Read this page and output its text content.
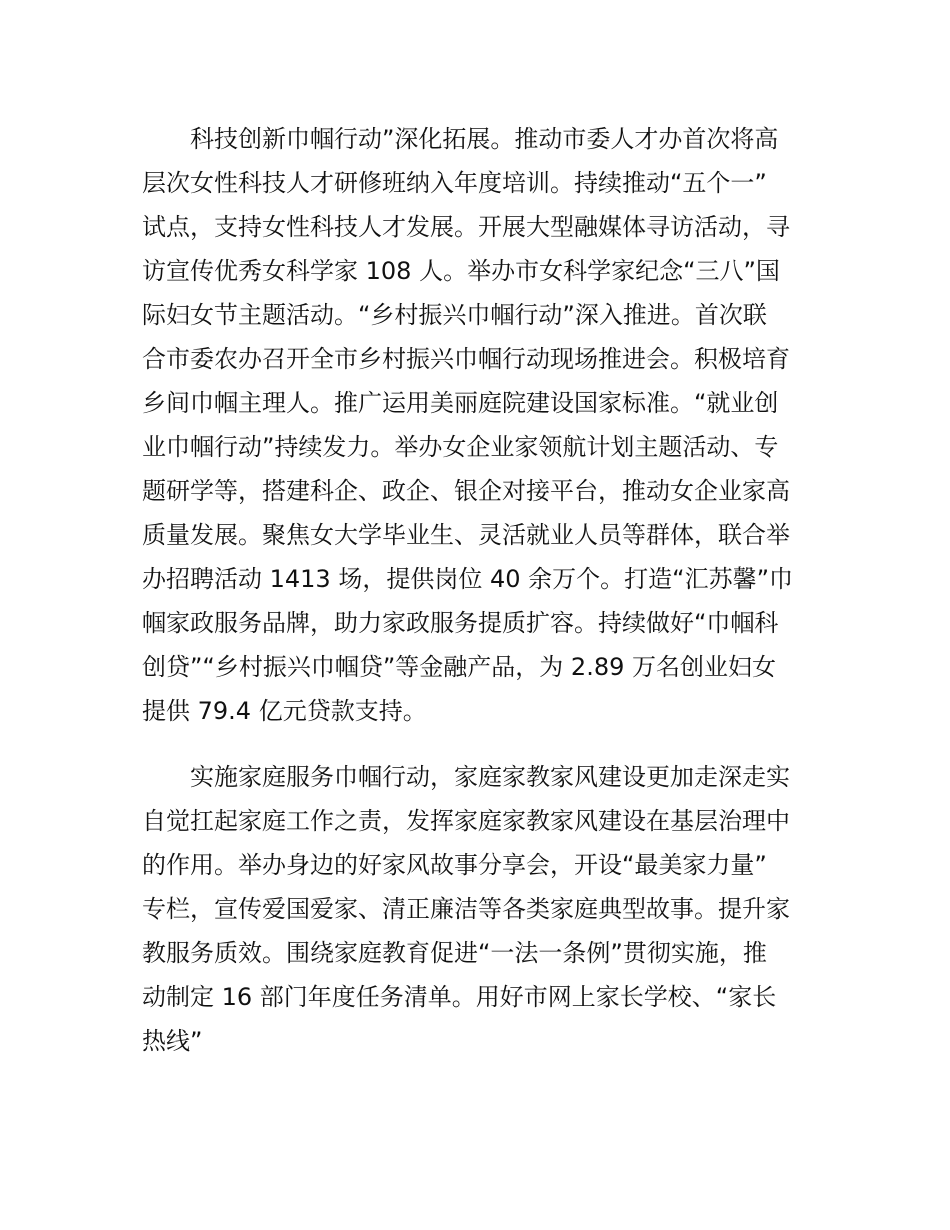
科技创新巾帼行动”深化拓展。推动市委人才办首次将高
层次女性科技人才研修班纳入年度培训。持续推动“五个一”
试点，支持女性科技人才发展。开展大型融媒体寻访活动，寻
访宣传优秀女科学家 108 人。举办市女科学家纪念“三八”国
际妇女节主题活动。“乡村振兴巾帼行动”深入推进。首次联
合市委农办召开全市乡村振兴巾帼行动现场推进会。积极培育
乡间巾帼主理人。推广运用美丽庭院建设国家标准。“就业创
业巾帼行动”持续发力。举办女企业家领航计划主题活动、专
题研学等，搭建科企、政企、银企对接平台，推动女企业家高
质量发展。聚焦女大学毕业生、灵活就业人员等群体，联合举
办招聘活动 1413 场，提供岗位 40 余万个。打造“汇苏馨”巾
帼家政服务品牌，助力家政服务提质扩容。持续做好“巾帼科
创贷”“乡村振兴巾帼贷”等金融产品，为 2.89 万名创业妇女
提供 79.4 亿元贷款支持。
实施家庭服务巾帼行动，家庭家教家风建设更加走深走实
自觉扛起家庭工作之责，发挥家庭家教家风建设在基层治理中
的作用。举办身边的好家风故事分享会，开设“最美家力量”
专栏，宣传爱国爱家、清正廉洁等各类家庭典型故事。提升家
教服务质效。围绕家庭教育促进“一法一条例”贯彻实施，推
动制定 16 部门年度任务清单。用好市网上家长学校、“家长
热线”
